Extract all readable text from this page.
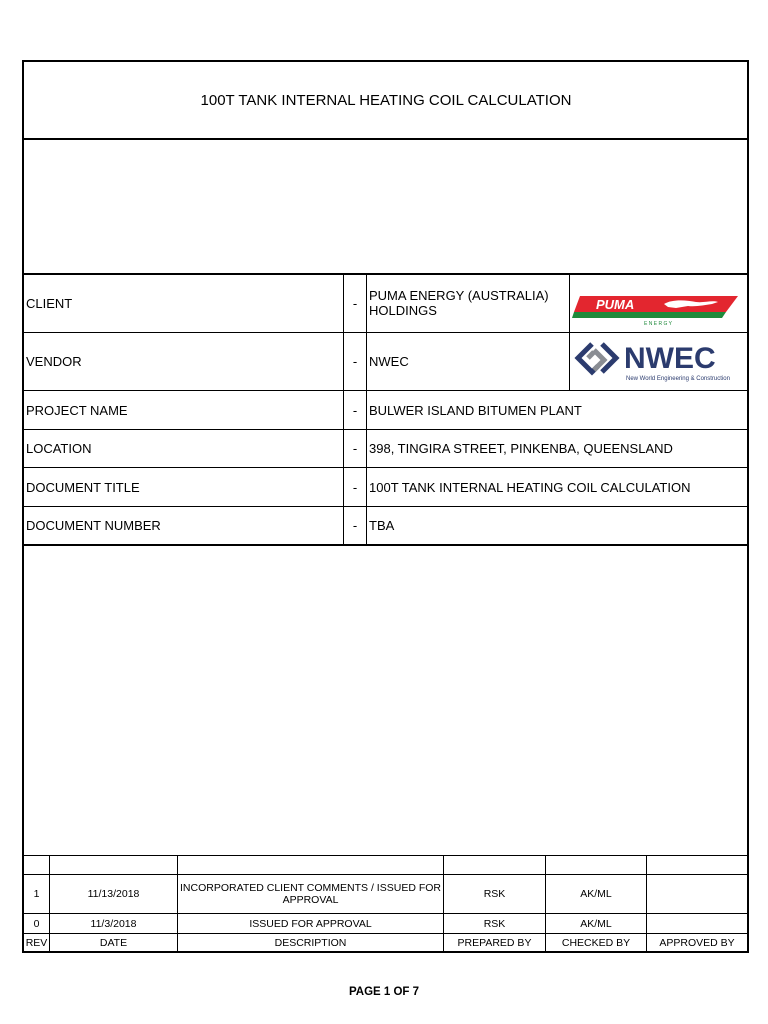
100T TANK INTERNAL HEATING COIL CALCULATION
CLIENT	- PUMA ENERGY (AUSTRALIA) HOLDINGS
VENDOR	- NWEC
PROJECT NAME	- BULWER ISLAND BITUMEN PLANT
LOCATION	- 398, TINGIRA STREET, PINKENBA, QUEENSLAND
DOCUMENT TITLE	- 100T TANK INTERNAL HEATING COIL CALCULATION
DOCUMENT NUMBER	- TBA
PUMA
E N E R G Y
NWEC
New World Engineering & Construction
1	11/13/2018	INCORPORATED CLIENT COMMENTS / ISSUED FOR APPROVAL	RSK	AK/ML
0	11/3/2018	ISSUED FOR APPROVAL	RSK	AK/ML
REV	DATE	DESCRIPTION	PREPARED BY	CHECKED BY	APPROVED BY
PAGE 1 OF 7
